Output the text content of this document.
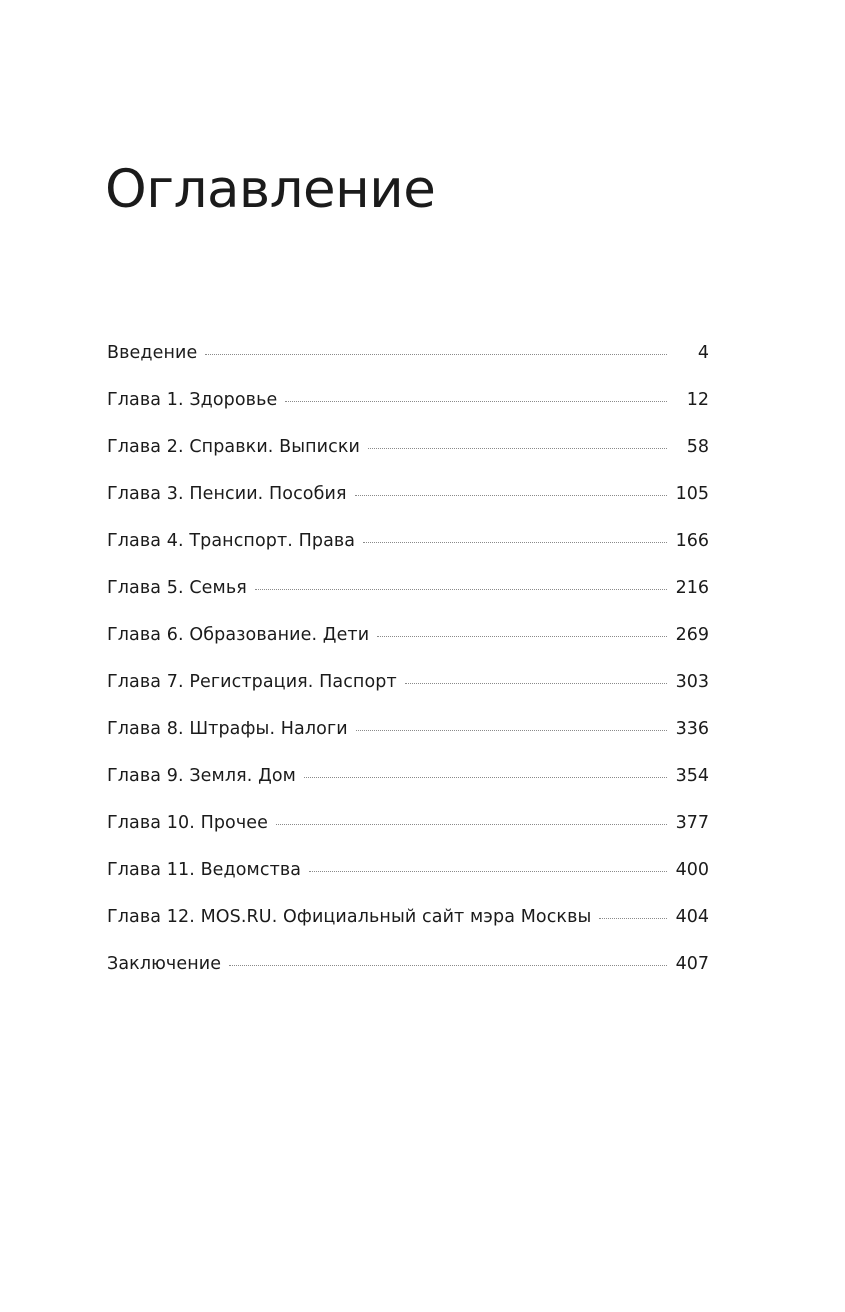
Оглавление
Введение	4
Глава 1. Здоровье	12
Глава 2. Справки. Выписки	58
Глава 3. Пенсии. Пособия	105
Глава 4. Транспорт. Права	166
Глава 5. Семья	216
Глава 6. Образование. Дети	269
Глава 7. Регистрация. Паспорт	303
Глава 8. Штрафы. Налоги	336
Глава 9. Земля. Дом	354
Глава 10. Прочее	377
Глава 11. Ведомства	400
Глава 12. MOS.RU. Официальный сайт мэра Москвы	404
Заключение	407
